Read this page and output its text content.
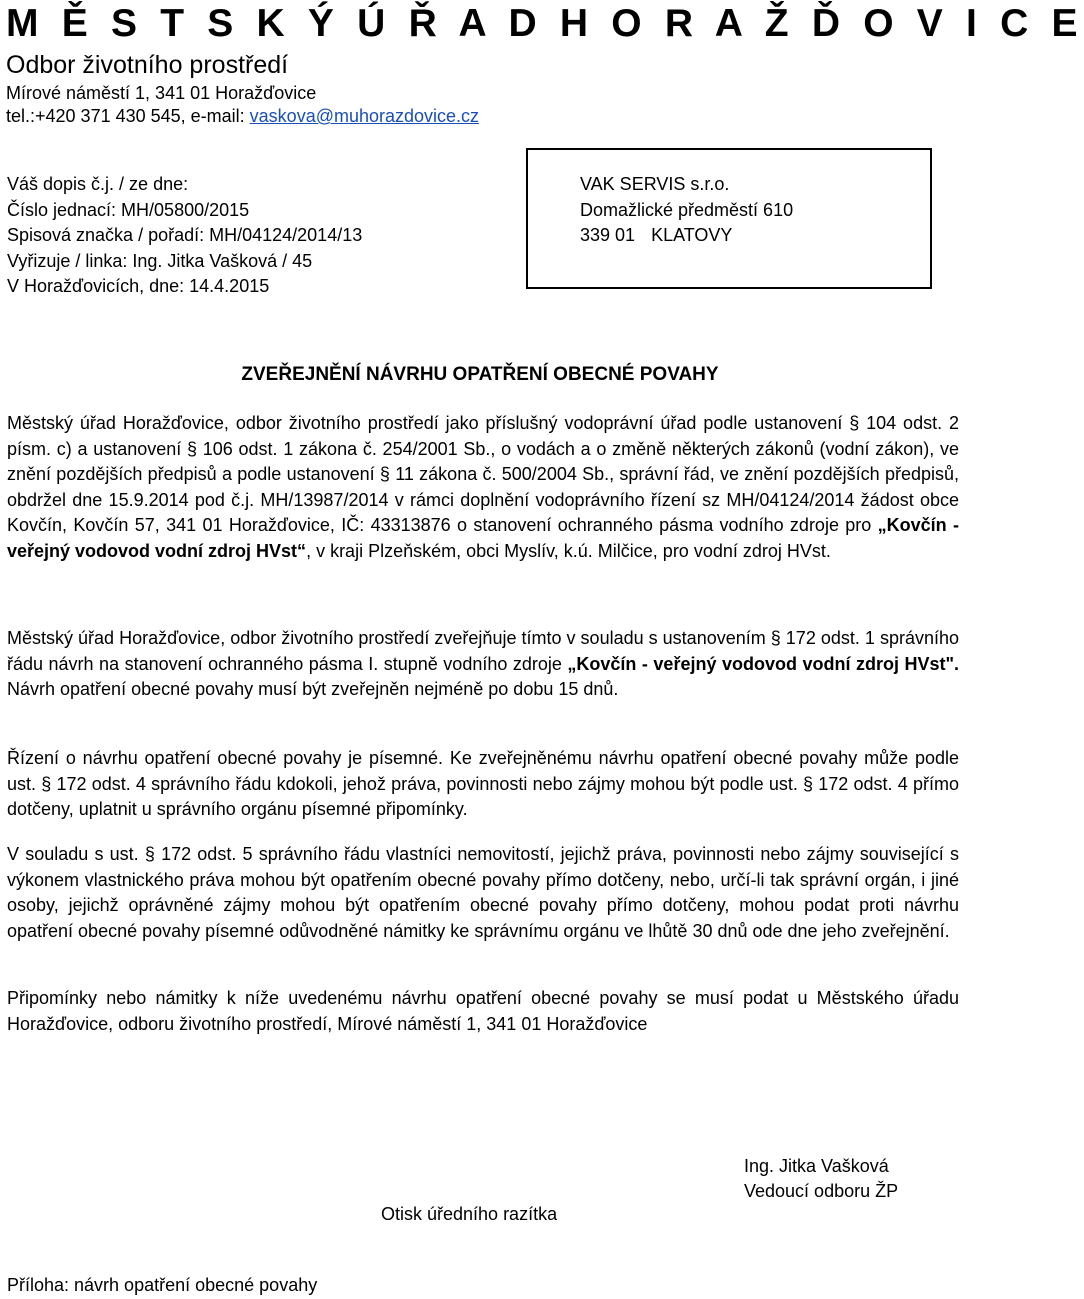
M Ě S T S K Ý Ú Ř A D H O R A Ž Ď O V I C E
Odbor životního prostředí
Mírové náměstí 1, 341 01 Horažďovice
tel.:+420 371 430 545, e-mail: vaskova@muhorazdovice.cz
Váš dopis č.j. / ze dne:
Číslo jednací: MH/05800/2015
Spisová značka / pořadí: MH/04124/2014/13
Vyřizuje / linka: Ing. Jitka Vašková / 45
V Horažďovicích, dne: 14.4.2015
VAK SERVIS s.r.o.
Domažlické předměstí 610
339 01 KLATOVY
ZVEŘEJNĚNÍ NÁVRHU OPATŘENÍ OBECNÉ POVAHY
Městský úřad Horažďovice, odbor životního prostředí jako příslušný vodoprávní úřad podle ustanovení § 104 odst. 2 písm. c) a ustanovení § 106 odst. 1 zákona č. 254/2001 Sb., o vodách a o změně některých zákonů (vodní zákon), ve znění pozdějších předpisů a podle ustanovení § 11 zákona č. 500/2004 Sb., správní řád, ve znění pozdějších předpisů, obdržel dne 15.9.2014 pod č.j. MH/13987/2014 v rámci doplnění vodoprávního řízení sz MH/04124/2014 žádost obce Kovčín, Kovčín 57, 341 01 Horažďovice, IČ: 43313876 o stanovení ochranného pásma vodního zdroje pro „Kovčín - veřejný vodovod vodní zdroj HVst“, v kraji Plzeňském, obci Myslív, k.ú. Milčice, pro vodní zdroj HVst.
Městský úřad Horažďovice, odbor životního prostředí zveřejňuje tímto v souladu s ustanovením § 172 odst. 1 správního řádu návrh na stanovení ochranného pásma I. stupně vodního zdroje „Kovčín - veřejný vodovod vodní zdroj HVst". Návrh opatření obecné povahy musí být zveřejněn nejméně po dobu 15 dnů.
Řízení o návrhu opatření obecné povahy je písemné. Ke zveřejněnému návrhu opatření obecné povahy může podle ust. § 172 odst. 4 správního řádu kdokoli, jehož práva, povinnosti nebo zájmy mohou být podle ust. § 172 odst. 4 přímo dotčeny, uplatnit u správního orgánu písemné připomínky.
V souladu s ust. § 172 odst. 5 správního řádu vlastníci nemovitostí, jejichž práva, povinnosti nebo zájmy související s výkonem vlastnického práva mohou být opatřením obecné povahy přímo dotčeny, nebo, určí-li tak správní orgán, i jiné osoby, jejichž oprávněné zájmy mohou být opatřením obecné povahy přímo dotčeny, mohou podat proti návrhu opatření obecné povahy písemné odůvodněné námitky ke správnímu orgánu ve lhůtě 30 dnů ode dne jeho zveřejnění.
Připomínky nebo námitky k níže uvedenému návrhu opatření obecné povahy se musí podat u Městského úřadu Horažďovice, odboru životního prostředí, Mírové náměstí 1, 341 01 Horažďovice
Ing. Jitka Vašková
Vedoucí odboru ŽP
Otisk úředního razítka
Příloha: návrh opatření obecné povahy
